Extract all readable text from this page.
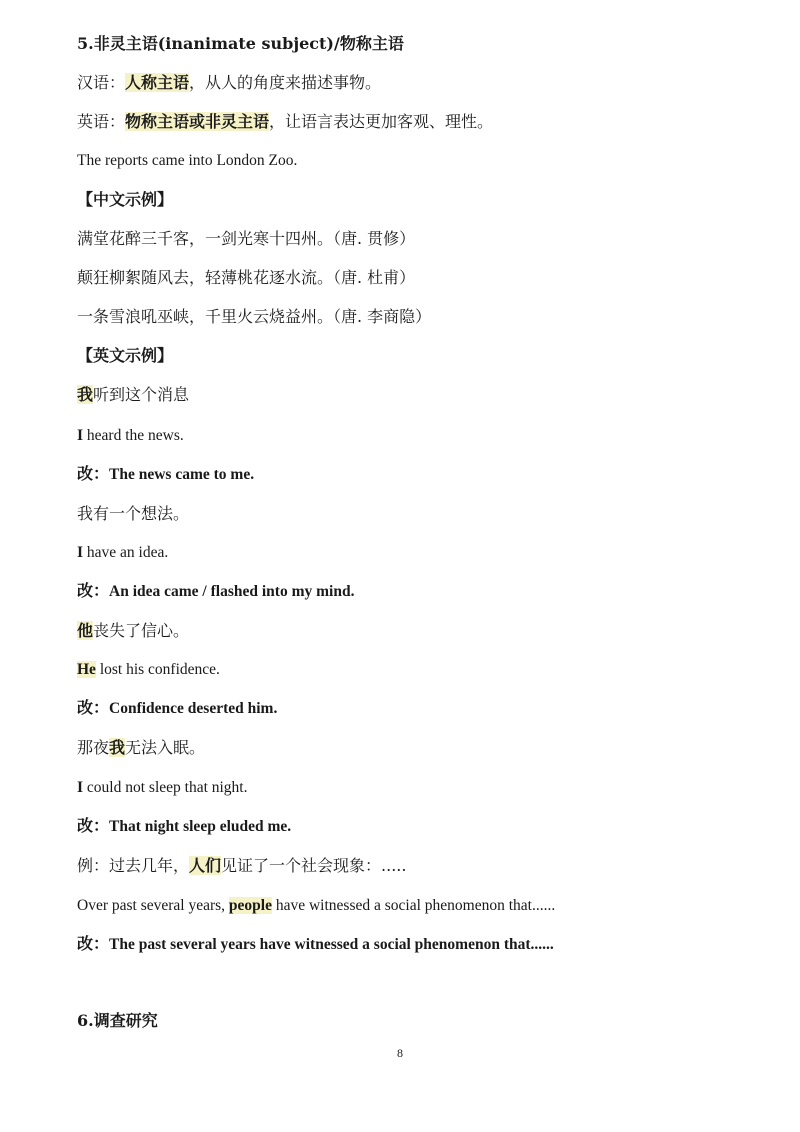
5.非灵主语(inanimate subject)/物称主语
汉语：人称主语，从人的角度来描述事物。
英语：物称主语或非灵主语，让语言表达更加客观、理性。
The reports came into London Zoo.
【中文示例】
满堂花醉三千客，一剑光寒十四州。（唐. 贯修）
颠狂柳絮随风去，轻薄桃花逐水流。（唐. 杜甫）
一条雪浪吼巫峡，千里火云烧益州。（唐. 李商隐）
【英文示例】
我听到这个消息
I heard the news.
改：The news came to me.
我有一个想法。
I have an idea.
改：An idea came / flashed into my mind.
他丧失了信心。
He lost his confidence.
改：Confidence deserted him.
那夜我无法入眠。
I could not sleep that night.
改：That night sleep eluded me.
例：过去几年，人们见证了一个社会现象：.....
Over past several years, people have witnessed a social phenomenon that......
改：The past several years have witnessed a social phenomenon that......
6.调查研究
8
